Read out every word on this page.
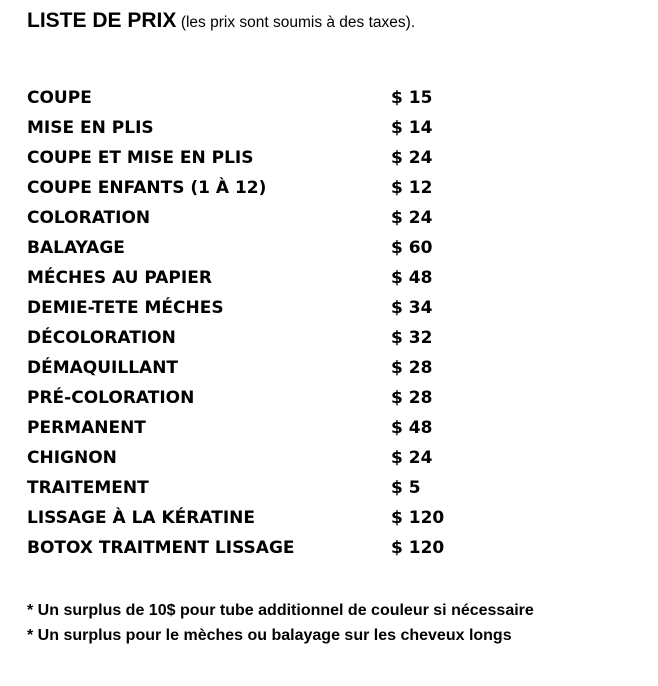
LISTE DE PRIX (les prix sont soumis à des taxes).
COUPE	$ 15
MISE EN PLIS	$ 14
COUPE ET MISE EN PLIS	$ 24
COUPE ENFANTS (1 À 12)	$ 12
COLORATION	$ 24
BALAYAGE	$ 60
MÉCHES AU PAPIER	$ 48
DEMIE-TETE MÉCHES	$ 34
DÉCOLORATION	$ 32
DÉMAQUILLANT	$ 28
PRÉ-COLORATION	$ 28
PERMANENT	$ 48
CHIGNON	$ 24
TRAITEMENT	$ 5
LISSAGE À LA KÉRATINE	$ 120
BOTOX TRAITMENT LISSAGE	$ 120
* Un surplus de 10$ pour tube additionnel de couleur si nécessaire
* Un surplus pour le mèches ou balayage sur les cheveux longs
